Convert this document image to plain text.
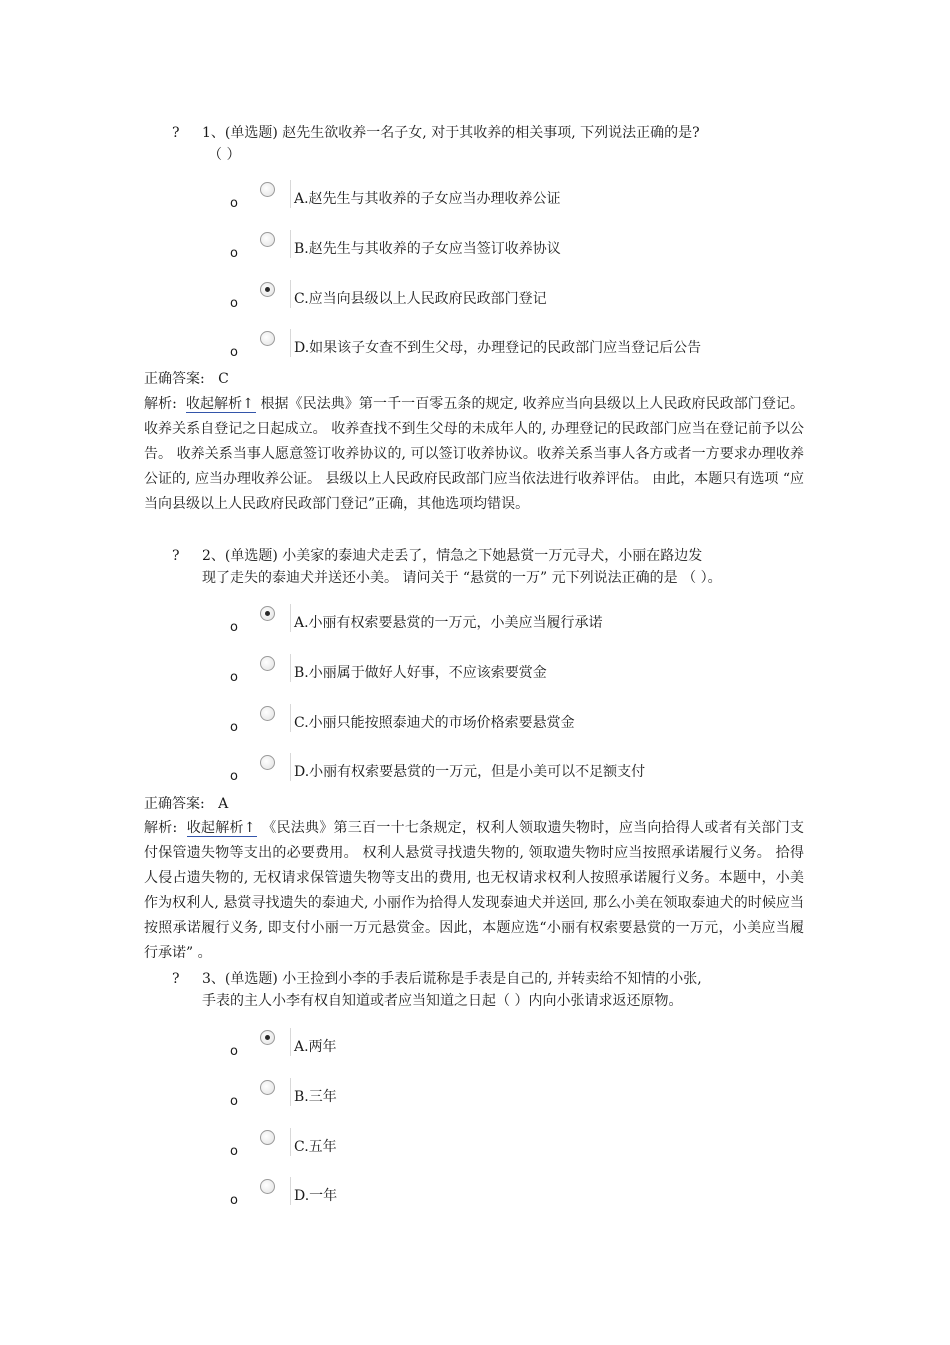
?	1、(单选题) 赵先生欲收养一名子女, 对于其收养的相关事项, 下列说法正确的是?
（ ）
o	A.赵先生与其收养的子女应当办理收养公证
o	B.赵先生与其收养的子女应当签订收养协议
o	C.应当向县级以上人民政府民政部门登记
o	D.如果该子女查不到生父母，办理登记的民政部门应当登记后公告
正确答案: C
解析: 收起解析↑ 根据《民法典》第一千一百零五条的规定, 收养应当向县级以上人民政府民政部门登记。 收养关系自登记之日起成立。 收养查找不到生父母的未成年人的, 办理登记的民政部门应当在登记前予以公告。 收养关系当事人愿意签订收养协议的, 可以签订收养协议。收养关系当事人各方或者一方要求办理收养公证的, 应当办理收养公证。 县级以上人民政府民政部门应当依法进行收养评估。 由此，本题只有选项 “应当向县级以上人民政府民政部门登记”正确，其他选项均错误。
?	2、(单选题) 小美家的泰迪犬走丢了，情急之下她悬赏一万元寻犬，小丽在路边发
现了走失的泰迪犬并送还小美。 请问关于 “悬赏的一万” 元下列说法正确的是 （ ）。
o	A.小丽有权索要悬赏的一万元，小美应当履行承诺
o	B.小丽属于做好人好事，不应该索要赏金
o	C.小丽只能按照泰迪犬的市场价格索要悬赏金
o	D.小丽有权索要悬赏的一万元，但是小美可以不足额支付
正确答案: A
解析: 收起解析↑ 《民法典》第三百一十七条规定，权利人领取遗失物时，应当向拾得人或者有关部门支付保管遗失物等支出的必要费用。 权利人悬赏寻找遗失物的, 领取遗失物时应当按照承诺履行义务。 拾得人侵占遗失物的, 无权请求保管遗失物等支出的费用, 也无权请求权利人按照承诺履行义务。本题中，小美作为权利人, 悬赏寻找遗失的泰迪犬, 小丽作为拾得人发现泰迪犬并送回, 那么小美在领取泰迪犬的时候应当按照承诺履行义务, 即支付小丽一万元悬赏金。因此，本题应选“小丽有权索要悬赏的一万元，小美应当履行承诺” 。
?	3、(单选题) 小王捡到小李的手表后谎称是手表是自己的, 并转卖给不知情的小张,
手表的主人小李有权自知道或者应当知道之日起（ ）内向小张请求返还原物。
o	A.两年
o	B.三年
o	C.五年
o	D.一年
